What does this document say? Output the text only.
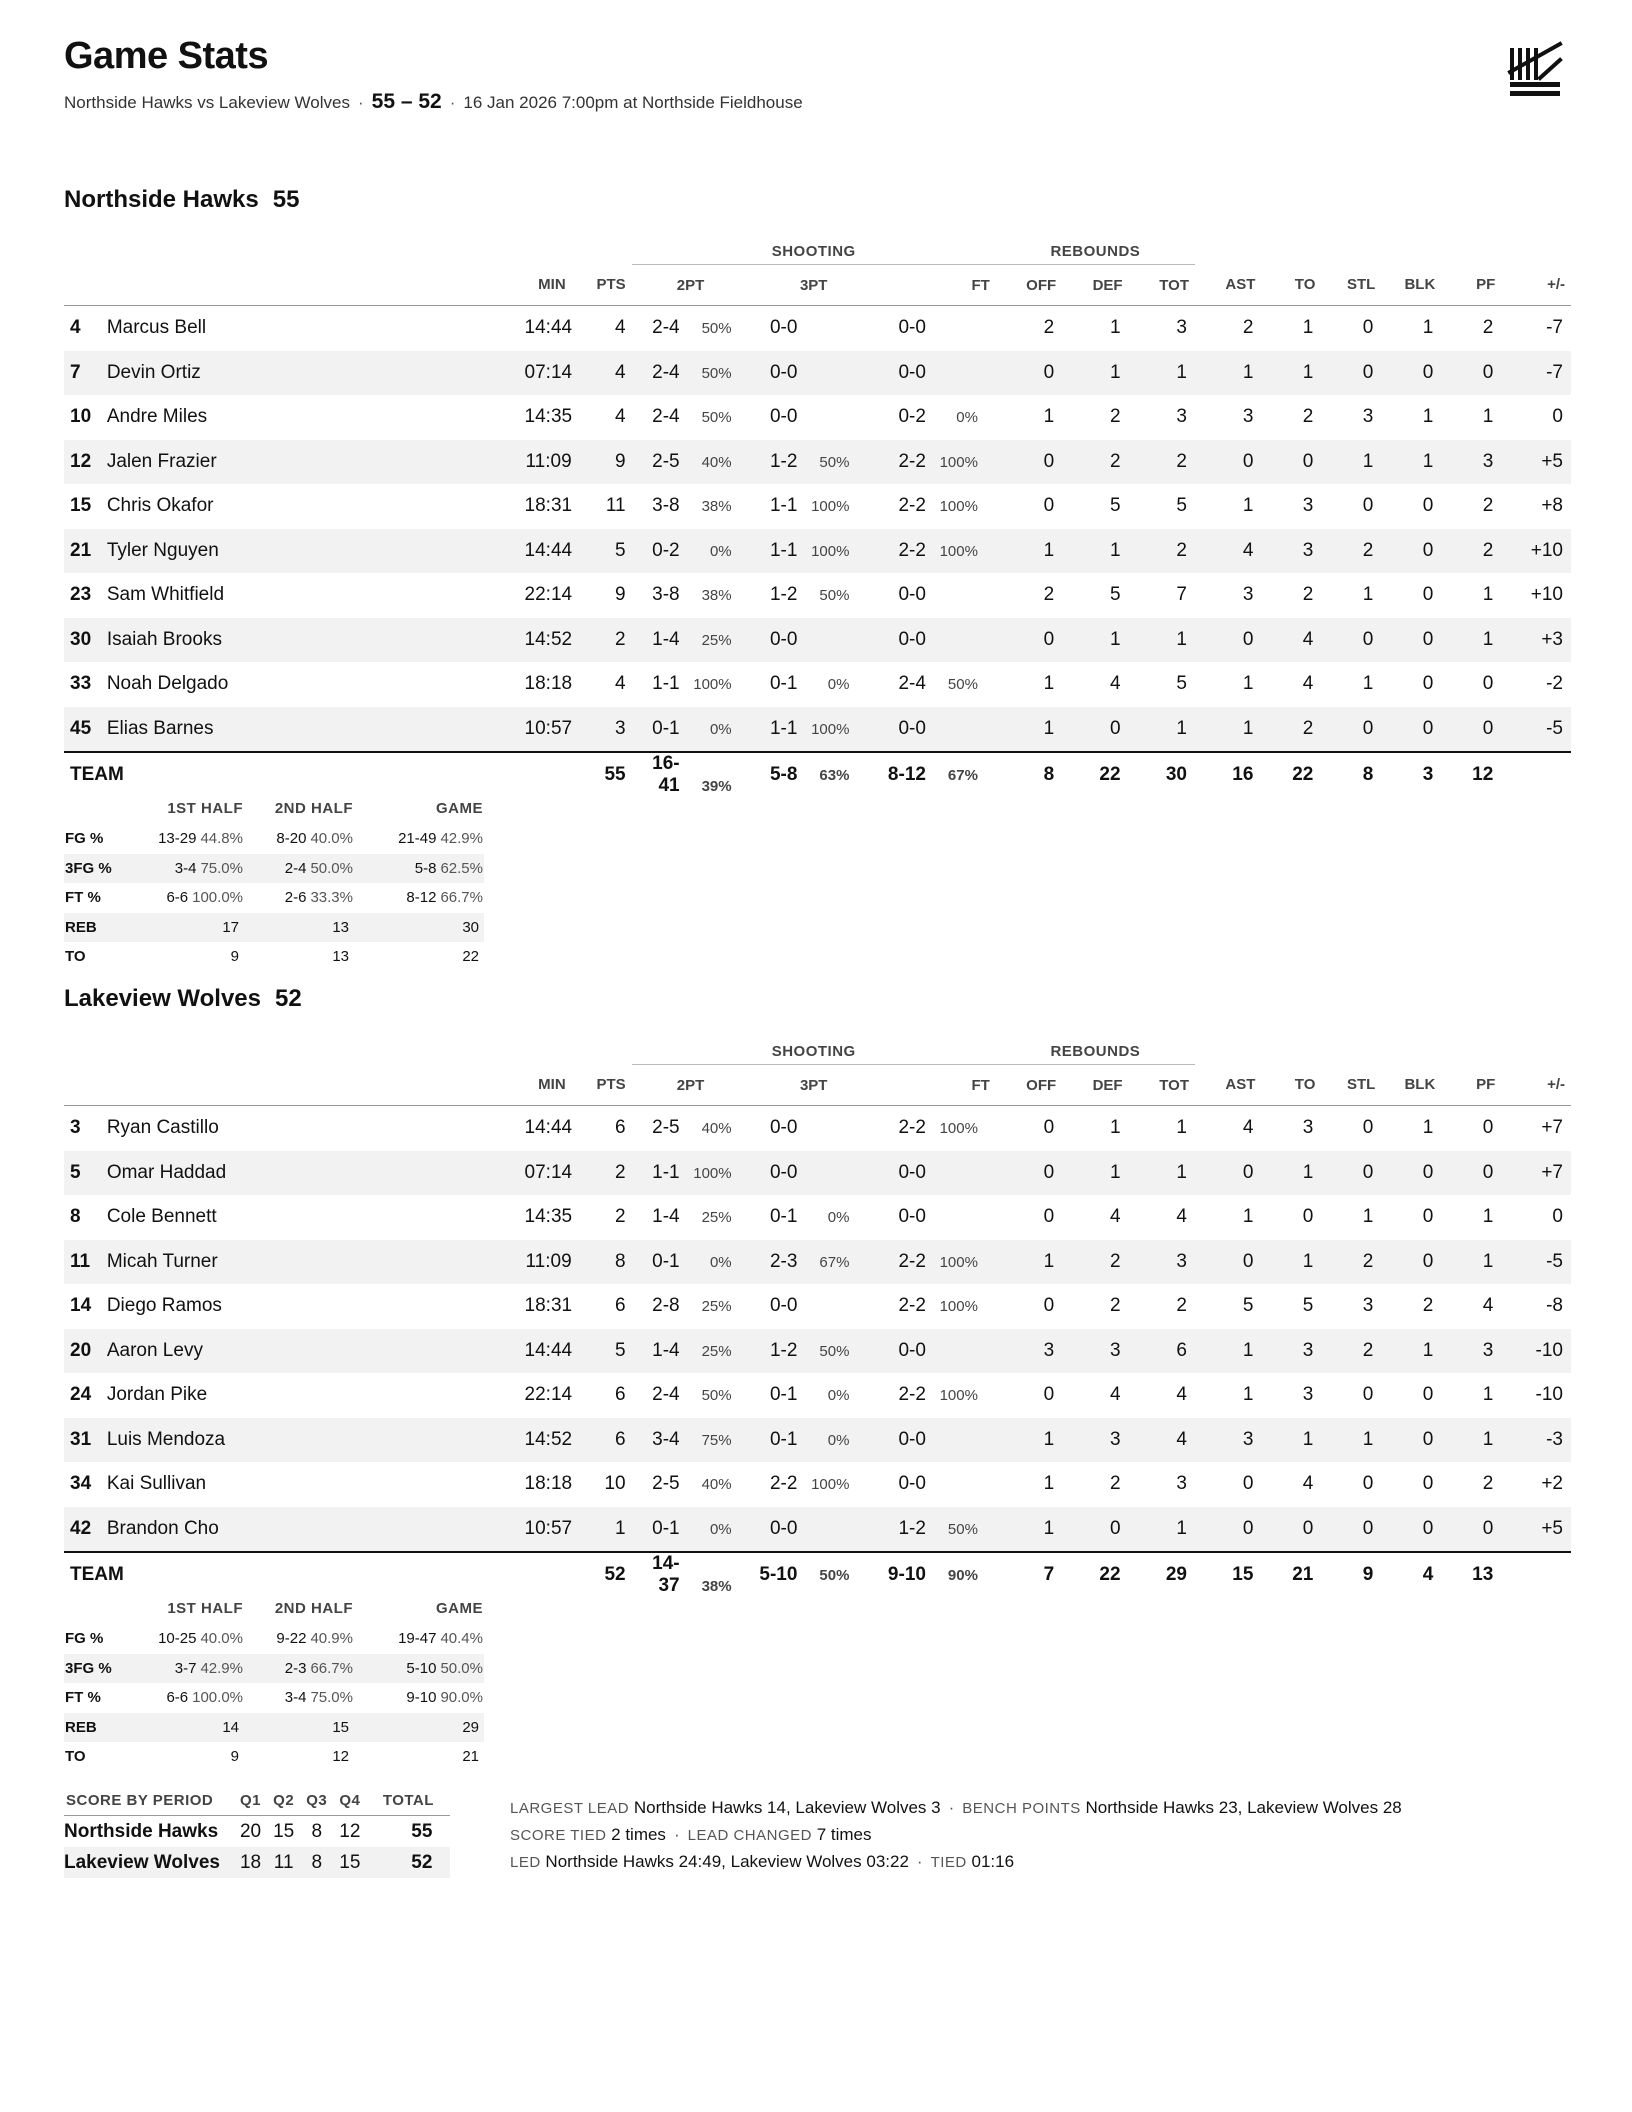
Game Stats
Northside Hawks vs Lakeview Wolves · 55 – 52 · 16 Jan 2026 7:00pm at Northside Fieldhouse
Northside Hawks 55
				SHOOTING			REBOUNDS								
		MIN	PTS	2PT	3PT	FT	OFF	DEF	TOT	AST	TO	STL	BLK	PF	+/-
4	Marcus Bell	14:44	4	2-4 50%	0-0	0-0	2	1	3	2	1	0	1	2	-7
7	Devin Ortiz	07:14	4	2-4 50%	0-0	0-0	0	1	1	1	1	0	0	0	-7
10	Andre Miles	14:35	4	2-4 50%	0-0	0-2 0%	1	2	3	3	2	3	1	1	0
12	Jalen Frazier	11:09	9	2-5 40%	1-2 50%	2-2 100%	0	2	2	0	0	1	1	3	+5
15	Chris Okafor	18:31	11	3-8 38%	1-1 100%	2-2 100%	0	5	5	1	3	0	0	2	+8
21	Tyler Nguyen	14:44	5	0-2 0%	1-1 100%	2-2 100%	1	1	2	4	3	2	0	2	+10
23	Sam Whitfield	22:14	9	3-8 38%	1-2 50%	0-0	2	5	7	3	2	1	0	1	+10
30	Isaiah Brooks	14:52	2	1-4 25%	0-0	0-0	0	1	1	0	4	0	0	1	+3
33	Noah Delgado	18:18	4	1-1 100%	0-1 0%	2-4 50%	1	4	5	1	4	1	0	0	-2
45	Elias Barnes	10:57	3	0-1 0%	1-1 100%	0-0	1	0	1	1	2	0	0	0	-5
TEAM			55	16-41 39%	5-8 63%	8-12 67%	8	22	30	16	22	8	3	12	
	1ST HALF	2ND HALF	GAME
FG %	13-29 44.8%	8-20 40.0%	21-49 42.9%
3FG %	3-4 75.0%	2-4 50.0%	5-8 62.5%
FT %	6-6 100.0%	2-6 33.3%	8-12 66.7%
REB	17	13	30
TO	9	13	22
Lakeview Wolves 52
				SHOOTING			REBOUNDS								
		MIN	PTS	2PT	3PT	FT	OFF	DEF	TOT	AST	TO	STL	BLK	PF	+/-
3	Ryan Castillo	14:44	6	2-5 40%	0-0	2-2 100%	0	1	1	4	3	0	1	0	+7
5	Omar Haddad	07:14	2	1-1 100%	0-0	0-0	0	1	1	0	1	0	0	0	+7
8	Cole Bennett	14:35	2	1-4 25%	0-1 0%	0-0	0	4	4	1	0	1	0	1	0
11	Micah Turner	11:09	8	0-1 0%	2-3 67%	2-2 100%	1	2	3	0	1	2	0	1	-5
14	Diego Ramos	18:31	6	2-8 25%	0-0	2-2 100%	0	2	2	5	5	3	2	4	-8
20	Aaron Levy	14:44	5	1-4 25%	1-2 50%	0-0	3	3	6	1	3	2	1	3	-10
24	Jordan Pike	22:14	6	2-4 50%	0-1 0%	2-2 100%	0	4	4	1	3	0	0	1	-10
31	Luis Mendoza	14:52	6	3-4 75%	0-1 0%	0-0	1	3	4	3	1	1	0	1	-3
34	Kai Sullivan	18:18	10	2-5 40%	2-2 100%	0-0	1	2	3	0	4	0	0	2	+2
42	Brandon Cho	10:57	1	0-1 0%	0-0	1-2 50%	1	0	1	0	0	0	0	0	+5
TEAM			52	14-37 38%	5-10 50%	9-10 90%	7	22	29	15	21	9	4	13	
	1ST HALF	2ND HALF	GAME
FG %	10-25 40.0%	9-22 40.9%	19-47 40.4%
3FG %	3-7 42.9%	2-3 66.7%	5-10 50.0%
FT %	6-6 100.0%	3-4 75.0%	9-10 90.0%
REB	14	15	29
TO	9	12	21
SCORE BY PERIOD	Q1	Q2	Q3	Q4	TOTAL
Northside Hawks	20	15	8	12	55
Lakeview Wolves	18	11	8	15	52
LARGEST LEAD Northside Hawks 14, Lakeview Wolves 3 · BENCH POINTS Northside Hawks 23, Lakeview Wolves 28
SCORE TIED 2 times · LEAD CHANGED 7 times
LED Northside Hawks 24:49, Lakeview Wolves 03:22 · TIED 01:16
